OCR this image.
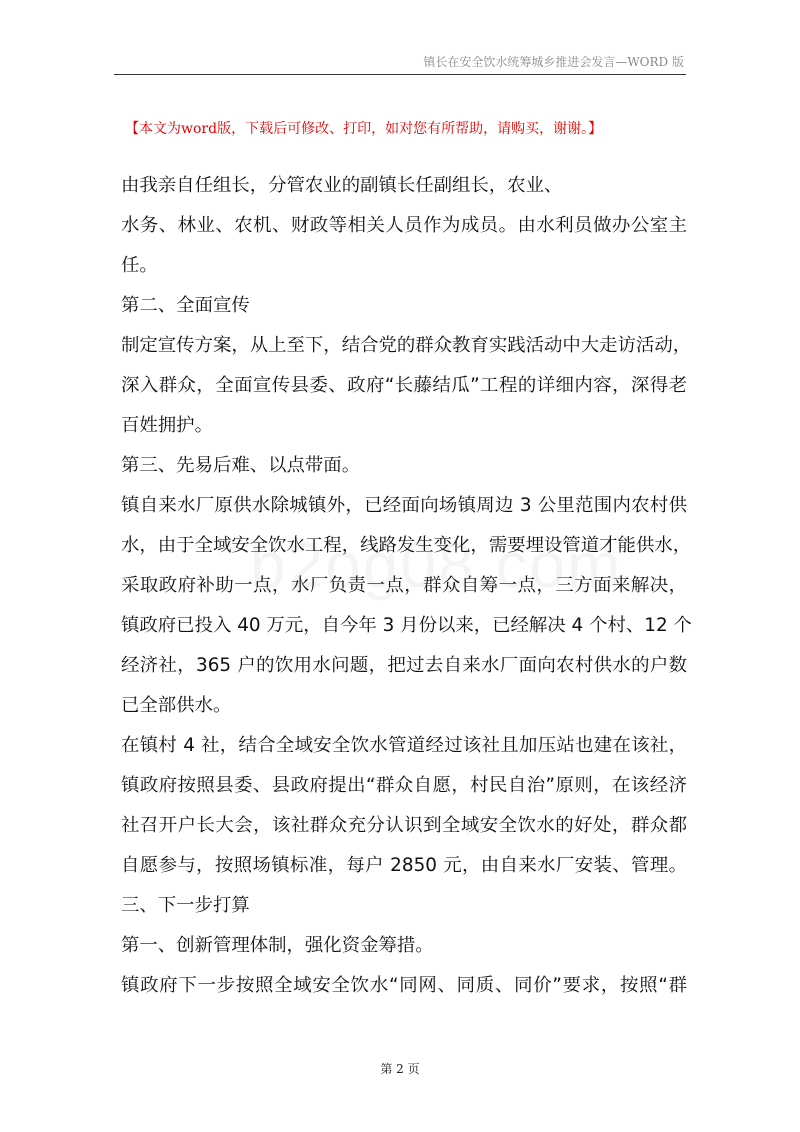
镇长在安全饮水统筹城乡推进会发言—WORD 版
【本文为word版，下载后可修改、打印，如对您有所帮助，请购买，谢谢。】
由我亲自任组长，分管农业的副镇长任副组长，农业、
水务、林业、农机、财政等相关人员作为成员。由水利员做办公室主
任。
第二、全面宣传
制定宣传方案，从上至下，结合党的群众教育实践活动中大走访活动，
深入群众，全面宣传县委、政府“长藤结瓜”工程的详细内容，深得老
百姓拥护。
第三、先易后难、以点带面。
镇自来水厂原供水除城镇外，已经面向场镇周边 3 公里范围内农村供
水，由于全域安全饮水工程，线路发生变化，需要埋设管道才能供水，
采取政府补助一点，水厂负责一点，群众自筹一点，三方面来解决，
镇政府已投入 40 万元，自今年 3 月份以来，已经解决 4 个村、12 个
经济社，365 户的饮用水问题，把过去自来水厂面向农村供水的户数
已全部供水。
在镇村 4 社，结合全域安全饮水管道经过该社且加压站也建在该社，
镇政府按照县委、县政府提出“群众自愿，村民自治”原则，在该经济
社召开户长大会，该社群众充分认识到全域安全饮水的好处，群众都
自愿参与，按照场镇标准，每户 2850 元，由自来水厂安装、管理。
三、下一步打算
第一、创新管理体制，强化资金筹措。
镇政府下一步按照全域安全饮水“同网、同质、同价”要求，按照“群
第 2 页
